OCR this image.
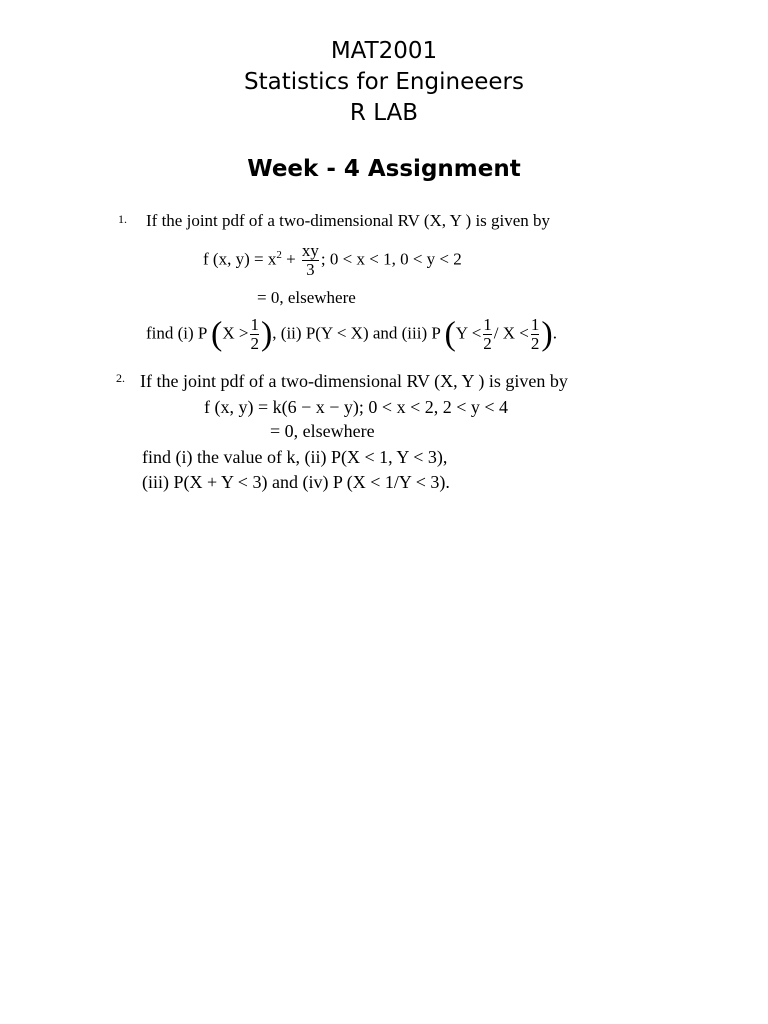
MAT2001
Statistics for Engineeers
R LAB
Week - 4 Assignment
1. If the joint pdf of a two-dimensional RV (X, Y ) is given by
f (x, $y) = x^2 + \frac{xy}{3}$ ; 0 < x < 1, 0 < y < 2
= 0, elsewhere
find (i) P ($X > \frac{1}{2}$ ), (ii) P(Y < X) and (iii) P ($Y < \frac{1}{2} / X < \frac{1}{2}$ ).
2. If the joint pdf of a two-dimensional RV (X, Y ) is given by
f (x, y) = k(6 − x − y); 0 < x < 2, 2 < y < 4
= 0, elsewhere
find (i) the value of k, (ii) P(X < 1, Y < 3),
(iii) P(X + Y < 3) and (iv) P (X < 1/Y < 3).
